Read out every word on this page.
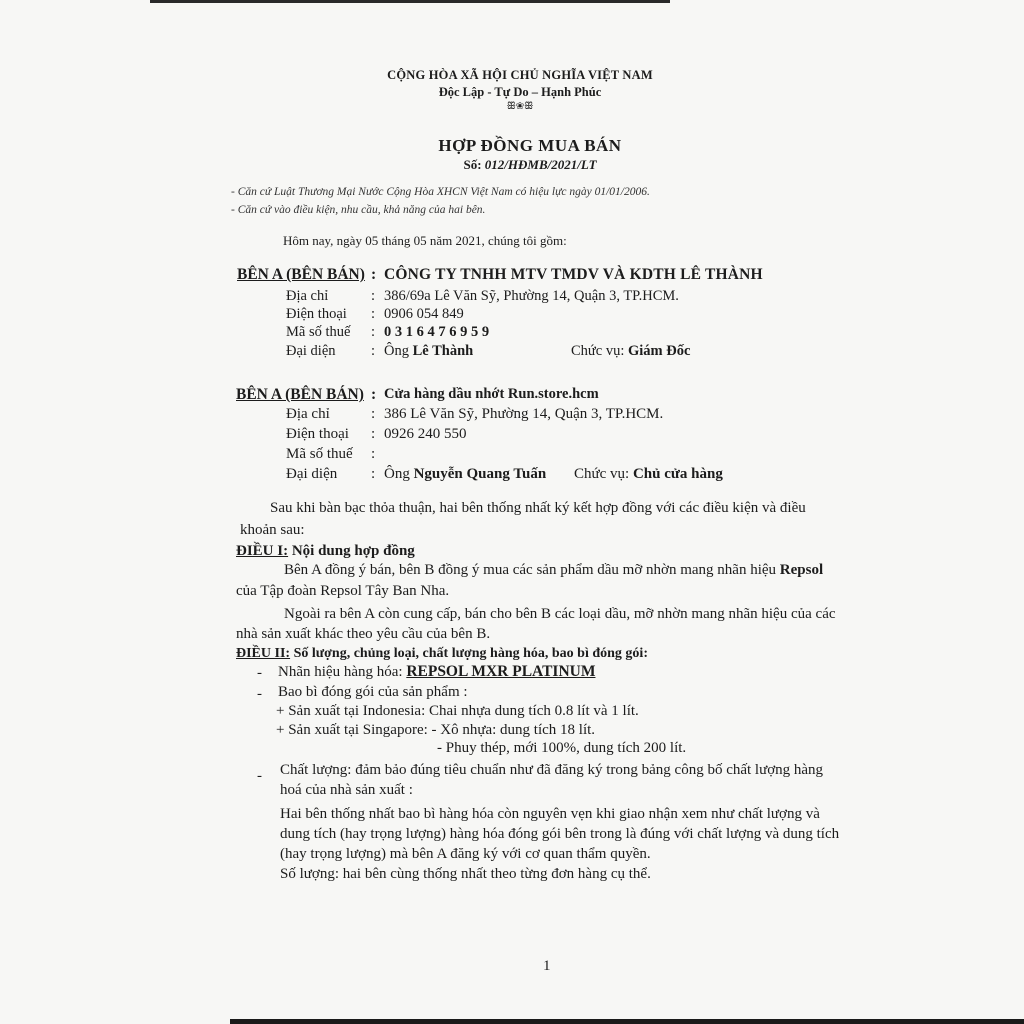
CỘNG HÒA XÃ HỘI CHỦ NGHĨA VIỆT NAM
Độc Lập - Tự Do – Hạnh Phúc
ꕥ❀ꕥ
HỢP ĐỒNG MUA BÁN
Số: 012/HĐMB/2021/LT
- Căn cứ Luật Thương Mại Nước Cộng Hòa XHCN Việt Nam có hiệu lực ngày 01/01/2006.
- Căn cứ vào điều kiện, nhu cầu, khả năng của hai bên.
Hôm nay, ngày 05 tháng 05 năm 2021, chúng tôi gồm:
BÊN A (BÊN BÁN) : CÔNG TY TNHH MTV TMDV VÀ KDTH LÊ THÀNH
Địa chỉ	: 386/69a Lê Văn Sỹ, Phường 14, Quận 3, TP.HCM.
Điện thoại : 0906 054 849
Mã số thuế : 0 3 1 6 4 7 6 9 5 9
Đại diện : Ông Lê Thành	Chức vụ: Giám Đốc
BÊN A (BÊN BÁN) : Cửa hàng dầu nhớt Run.store.hcm
Địa chỉ	: 386 Lê Văn Sỹ, Phường 14, Quận 3, TP.HCM.
Điện thoại : 0926 240 550
Mã số thuế :
Đại diện : Ông Nguyễn Quang Tuấn Chức vụ: Chủ cửa hàng
Sau khi bàn bạc thỏa thuận, hai bên thống nhất ký kết hợp đồng với các điều kiện và điều
khoản sau:
ĐIỀU I: Nội dung hợp đồng
Bên A đồng ý bán, bên B đồng ý mua các sản phẩm dầu mỡ nhờn mang nhãn hiệu Repsol
của Tập đoàn Repsol Tây Ban Nha.
Ngoài ra bên A còn cung cấp, bán cho bên B các loại dầu, mỡ nhờn mang nhãn hiệu của các
nhà sản xuất khác theo yêu cầu của bên B.
ĐIỀU II: Số lượng, chủng loại, chất lượng hàng hóa, bao bì đóng gói:
- Nhãn hiệu hàng hóa: REPSOL MXR PLATINUM
- Bao bì đóng gói của sản phẩm :
+ Sản xuất tại Indonesia: Chai nhựa dung tích 0.8 lít và 1 lít.
+ Sản xuất tại Singapore: - Xô nhựa: dung tích 18 lít.
- Phuy thép, mới 100%, dung tích 200 lít.
- Chất lượng: đảm bảo đúng tiêu chuẩn như đã đăng ký trong bảng công bố chất lượng hàng
hoá của nhà sản xuất :
Hai bên thống nhất bao bì hàng hóa còn nguyên vẹn khi giao nhận xem như chất lượng và
dung tích (hay trọng lượng) hàng hóa đóng gói bên trong là đúng với chất lượng và dung tích
(hay trọng lượng) mà bên A đăng ký với cơ quan thẩm quyền.
Số lượng: hai bên cùng thống nhất theo từng đơn hàng cụ thể.
1
